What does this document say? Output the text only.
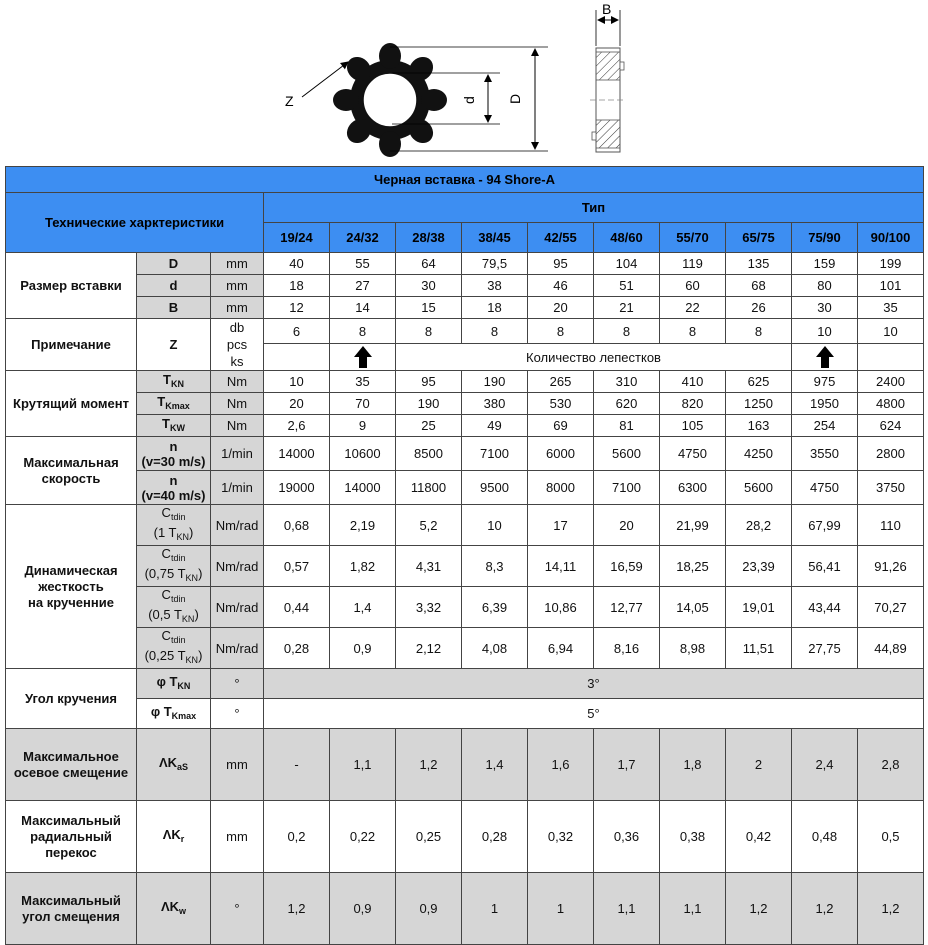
Z	d D
B
Черная вставка - 94 Shore-A												
Технические харктеристики			Тип									
			19/24	24/32	28/38	38/45	42/55	48/60	55/70	65/75	75/90	90/100
Размер вставки	D	mm	40	55	64	79,5	95	104	119	135	159	199
	d	mm	18	27	30	38	46	51	60	68	80	101
	B	mm	12	14	15	18	20	21	22	26	30	35
Примечание	Z	db
pcs
ks	6	8	8	8	8	8	8	8	10	10
					Количество лепестков							
Крутящий момент	$T_{KN}$	Nm	10	35	95	190	265	310	410	625	975	2400
	$T_{Kmax}$	Nm	20	70	190	380	530	620	820	1250	1950	4800
	$T_{KW}$	Nm	2,6	9	25	49	69	81	105	163	254	624
Максимальная
скорость	n
(v=30 m/s)	1/min	14000	10600	8500	7100	6000	5600	4750	4250	3550	2800
	n
(v=40 m/s)	1/min	19000	14000	11800	9500	8000	7100	6300	5600	4750	3750
Динамическая
жесткость
на крученние	$C_{tdin}$
(1 $T_{KN}$)	Nm/rad	0,68	2,19	5,2	10	17	20	21,99	28,2	67,99	110
	$C_{tdin}$
(0,75 $T_{KN}$)	Nm/rad	0,57	1,82	4,31	8,3	14,11	16,59	18,25	23,39	56,41	91,26
	$C_{tdin}$
(0,5 $T_{KN}$)	Nm/rad	0,44	1,4	3,32	6,39	10,86	12,77	14,05	19,01	43,44	70,27
	$C_{tdin}$
(0,25 $T_{KN}$)	Nm/rad	0,28	0,9	2,12	4,08	6,94	8,16	8,98	11,51	27,75	44,89
Угол кручения	φ $T_{KN}$	°	3°									
	φ $T_{Kmax}$	°	5°									
Максимальное
осевое смещение	$\Lambda K_{aS}$	mm	-	1,1	1,2	1,4	1,6	1,7	1,8	2	2,4	2,8
Максимальный
радиальный
перекос	$\Lambda K_r$	mm	0,2	0,22	0,25	0,28	0,32	0,36	0,38	0,42	0,48	0,5
Максимальный
угол смещения	$\Lambda K_w$	°	1,2	0,9	0,9	1	1	1,1	1,1	1,2	1,2	1,2
